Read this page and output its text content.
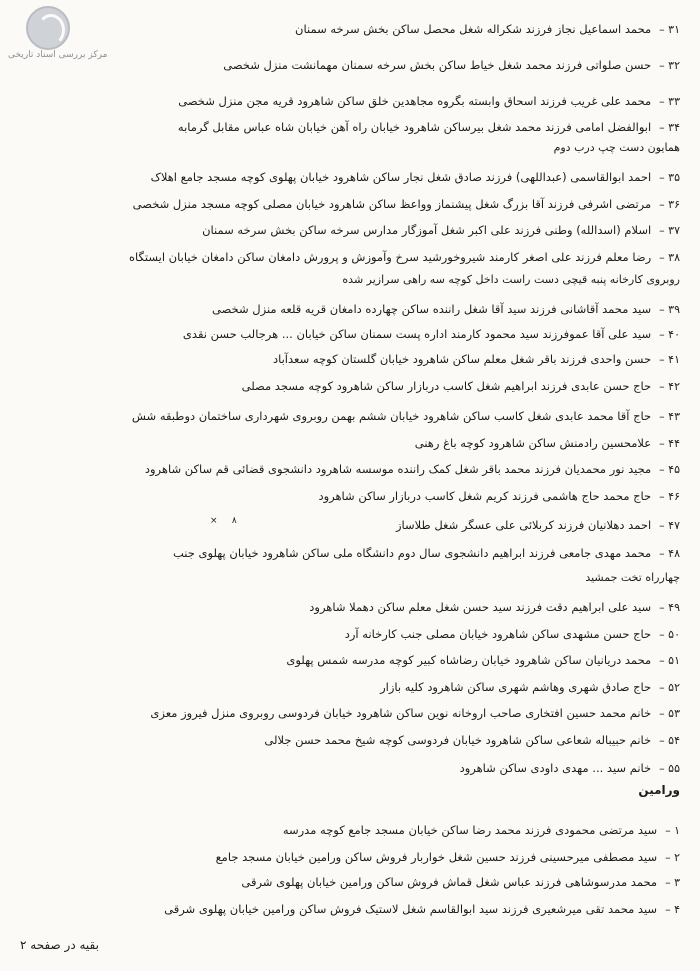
مرکز بررسی اسناد تاریخی
۳۱ –محمد اسماعیل نجاز فرزند شکراله شغل محصل ساکن بخش سرخه سمنان
۳۲ –حسن صلواتی فرزند محمد شغل خیاط ساکن بخش سرخه سمنان مهمانشت منزل شخصی
۳۳ –محمد علی غریب فرزند اسحاق وابسته بگروه مجاهدین خلق ساکن شاهرود قریه مجن منزل شخصی
۳۴ –ابوالفضل امامی فرزند محمد شغل بیرساکن شاهرود خیابان راه آهن خیابان شاه عباس مقابل گرمابه
همایون دست چپ درب دوم
۳۵ –احمد ابوالقاسمی (عبداللهی) فرزند صادق شغل نجار ساکن شاهرود خیابان پهلوی کوچه مسجد جامع اهلاک
۳۶ –مرتضی اشرفی فرزند آقا بزرگ شغل پیشنماز وواعظ ساکن شاهرود خیابان مصلی کوچه مسجد منزل شخصی
۳۷ –اسلام (اسدالله) وطنی فرزند علی اکبر شغل آموزگار مدارس سرخه ساکن بخش سرخه سمنان
۳۸ –رضا معلم فرزند علی اصغر کارمند شیروخورشید سرخ وآموزش و پرورش دامغان ساکن دامغان خیابان ایستگاه
روبروی کارخانه پنبه قیچی دست راست داخل کوچه سه راهی سرازیر شده
۳۹ –سید محمد آقاشانی فرزند سید آقا شغل راننده ساکن چهارده دامغان قریه قلعه منزل شخصی
۴۰ –سید علی آقا عموفرزند سید محمود کارمند اداره پست سمنان ساکن خیابان ... هرجالب حسن نقدی
۴۱ –حسن واحدی فرزند باقر شغل معلم ساکن شاهرود خیابان گلستان کوچه سعدآباد
۴۲ –حاج حسن عابدی فرزند ابراهیم شغل کاسب دربازار ساکن شاهرود کوچه مسجد مصلی
۴۳ –حاج آقا محمد عابدی شغل کاسب ساکن شاهرود خیابان ششم بهمن روبروی شهرداری ساختمان دوطبقه شش
۴۴ –علامحسین رادمنش ساکن شاهرود کوچه باغ رهنی
۴۵ –مجید نور محمدیان فرزند محمد باقر شغل کمک راننده موسسه شاهرود دانشجوی قضائی قم ساکن شاهرود
۴۶ –حاج محمد حاج هاشمی فرزند کریم شغل کاسب دربازار ساکن شاهرود
۴۷ –احمد دهلانیان فرزند کربلائی علی عسگر شغل طلاساز
۴۸ –محمد مهدی جامعی فرزند ابراهیم دانشجوی سال دوم دانشگاه ملی ساکن شاهرود خیابان پهلوی جنب
چهارراه تخت جمشید
۴۹ –سید علی ابراهیم دقت فرزند سید حسن شغل معلم ساکن دهملا شاهرود
۵۰ –حاج حسن مشهدی ساکن شاهرود خیابان مصلی جنب کارخانه آرد
۵۱ –محمد دریانیان ساکن شاهرود خیابان رضاشاه کبیر کوچه مدرسه شمس پهلوی
۵۲ –حاج صادق شهری وهاشم شهری ساکن شاهرود کلیه بازار
۵۳ –خانم محمد حسین افتخاری صاحب اروخانه نوین ساکن شاهرود خیابان فردوسی روبروی منزل فیروز معزی
۵۴ –خانم حبیباله شعاعی ساکن شاهرود خیابان فردوسی کوچه شیخ محمد حسن جلالی
۵۵ –خانم سید ... مهدی داودی ساکن شاهرود
ورامین
۱ –سید مرتضی محمودی فرزند محمد رضا ساکن خیابان مسجد جامع کوچه مدرسه
۲ –سید مصطفی میرحسینی فرزند حسین شغل خواربار فروش ساکن ورامین خیابان مسجد جامع
۳ –محمد مدرسوشاهی فرزند عباس شغل قماش فروش ساکن ورامین خیابان پهلوی شرقی
۴ –سید محمد تقی میرشعیری فرزند سید ابوالقاسم شغل لاستیک فروش ساکن ورامین خیابان پهلوی شرقی
×     ۸
بقیه در صفحه ۲
